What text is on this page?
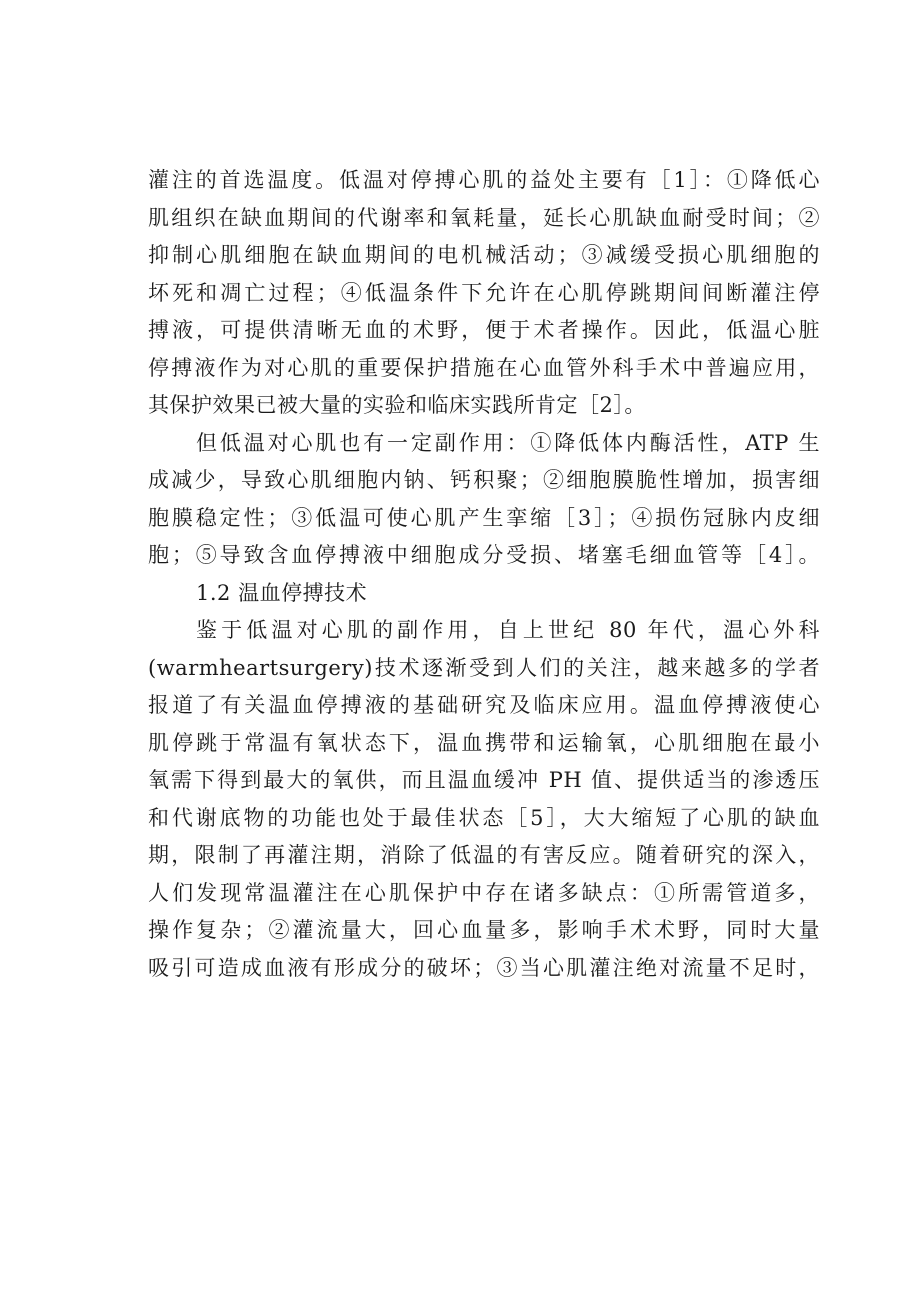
灌注的首选温度。低温对停搏心肌的益处主要有［1］：①降低心
肌组织在缺血期间的代谢率和氧耗量，延长心肌缺血耐受时间；②
抑制心肌细胞在缺血期间的电机械活动；③减缓受损心肌细胞的
坏死和凋亡过程；④低温条件下允许在心肌停跳期间间断灌注停
搏液，可提供清晰无血的术野，便于术者操作。因此，低温心脏
停搏液作为对心肌的重要保护措施在心血管外科手术中普遍应用，
其保护效果已被大量的实验和临床实践所肯定［2］。
但低温对心肌也有一定副作用：①降低体内酶活性，ATP 生
成减少，导致心肌细胞内钠、钙积聚；②细胞膜脆性增加，损害细
胞膜稳定性；③低温可使心肌产生挛缩［3］；④损伤冠脉内皮细
胞；⑤导致含血停搏液中细胞成分受损、堵塞毛细血管等［4］。
1.2 温血停搏技术
鉴于低温对心肌的副作用，自上世纪 80 年代，温心外科
(warmheartsurgery)技术逐渐受到人们的关注，越来越多的学者
报道了有关温血停搏液的基础研究及临床应用。温血停搏液使心
肌停跳于常温有氧状态下，温血携带和运输氧，心肌细胞在最小
氧需下得到最大的氧供，而且温血缓冲 PH 值、提供适当的渗透压
和代谢底物的功能也处于最佳状态［5］，大大缩短了心肌的缺血
期，限制了再灌注期，消除了低温的有害反应。随着研究的深入，
人们发现常温灌注在心肌保护中存在诸多缺点：①所需管道多，
操作复杂；②灌流量大，回心血量多，影响手术术野，同时大量
吸引可造成血液有形成分的破坏；③当心肌灌注绝对流量不足时，
